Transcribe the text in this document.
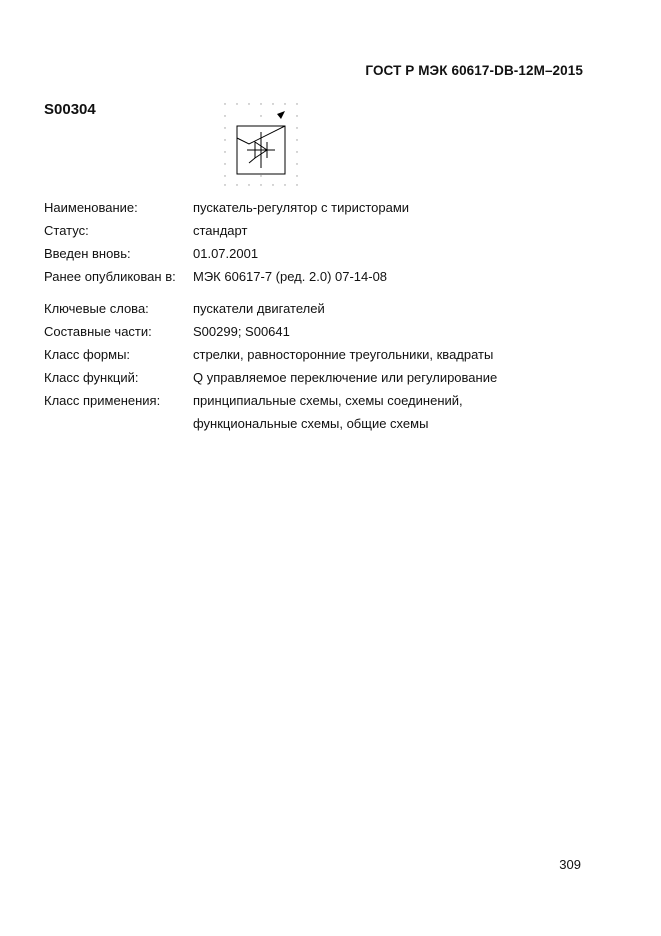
ГОСТ Р МЭК 60617-DB-12M–2015
S00304
Наименование:	пускатель-регулятор с тиристорами
Статус:	стандарт
Введен вновь:	01.07.2001
Ранее опубликован в:	МЭК 60617-7 (ред. 2.0) 07-14-08
Ключевые слова:	пускатели двигателей
Составные части:	S00299; S00641
Класс формы:	стрелки, равносторонние треугольники, квадраты
Класс функций:	Q управляемое переключение или регулирование
Класс применения:	принципиальные схемы, схемы соединений,
функциональные схемы, общие схемы
309
